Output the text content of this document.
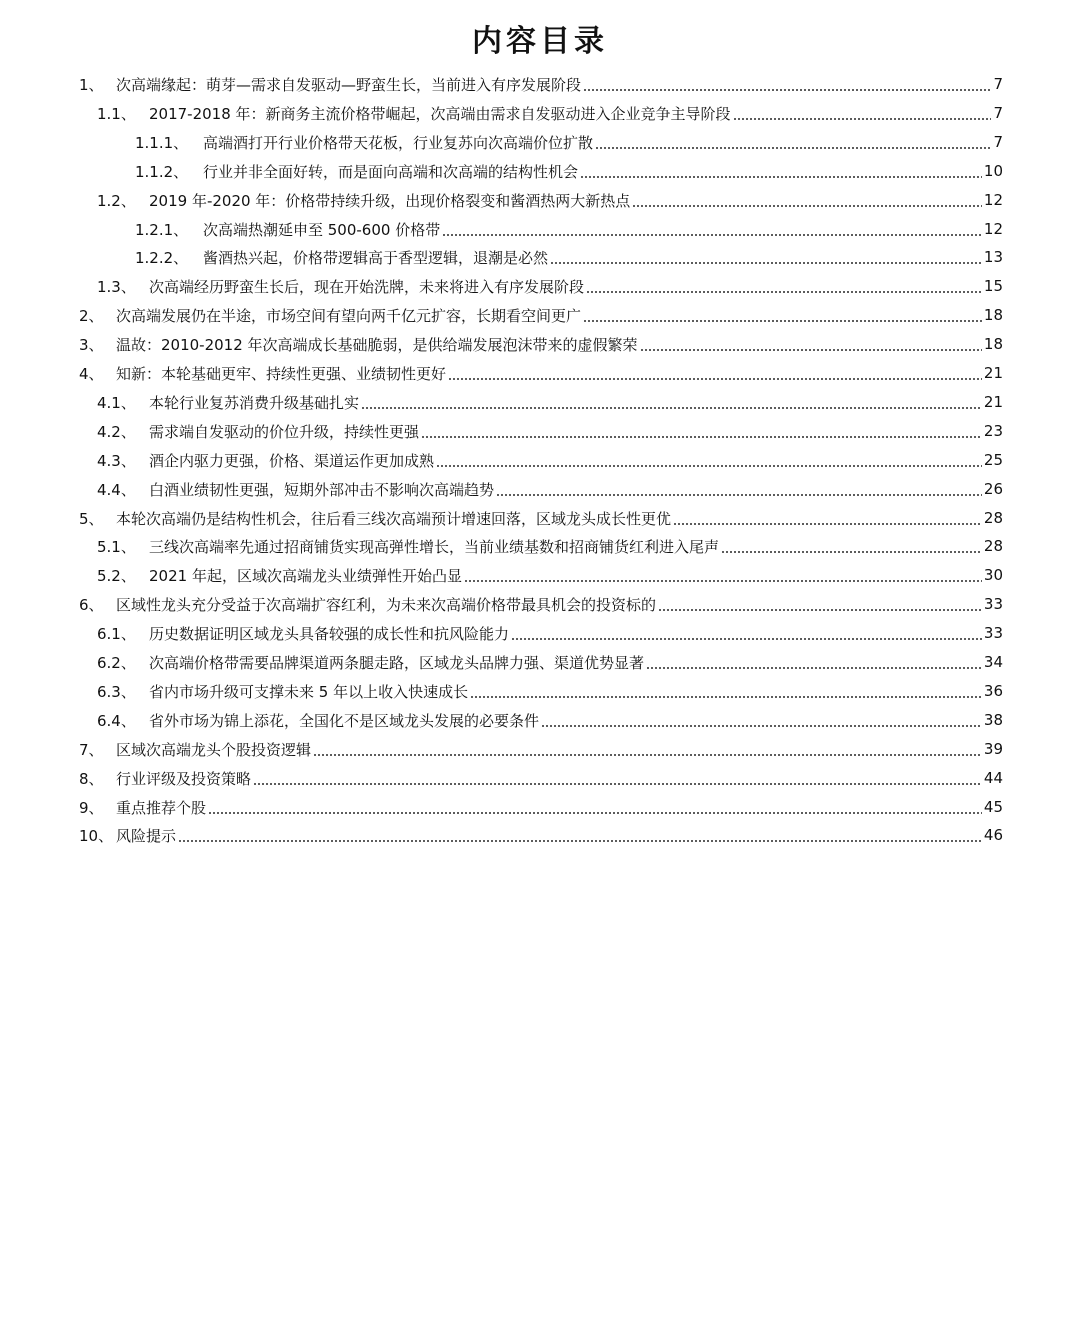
内容目录
1、 次高端缘起：萌芽—需求自发驱动—野蛮生长，当前进入有序发展阶段	7
1.1、 2017-2018 年：新商务主流价格带崛起，次高端由需求自发驱动进入企业竞争主导阶段	7
1.1.1、 高端酒打开行业价格带天花板，行业复苏向次高端价位扩散	7
1.1.2、 行业并非全面好转，而是面向高端和次高端的结构性机会	10
1.2、 2019 年-2020 年：价格带持续升级，出现价格裂变和酱酒热两大新热点	12
1.2.1、 次高端热潮延申至 500-600 价格带	12
1.2.2、 酱酒热兴起，价格带逻辑高于香型逻辑，退潮是必然	13
1.3、 次高端经历野蛮生长后，现在开始洗牌，未来将进入有序发展阶段	15
2、 次高端发展仍在半途，市场空间有望向两千亿元扩容，长期看空间更广	18
3、 温故：2010-2012 年次高端成长基础脆弱，是供给端发展泡沫带来的虚假繁荣	18
4、 知新：本轮基础更牢、持续性更强、业绩韧性更好	21
4.1、 本轮行业复苏消费升级基础扎实	21
4.2、 需求端自发驱动的价位升级，持续性更强	23
4.3、 酒企内驱力更强，价格、渠道运作更加成熟	25
4.4、 白酒业绩韧性更强，短期外部冲击不影响次高端趋势	26
5、 本轮次高端仍是结构性机会，往后看三线次高端预计增速回落，区域龙头成长性更优	28
5.1、 三线次高端率先通过招商铺货实现高弹性增长，当前业绩基数和招商铺货红利进入尾声	28
5.2、 2021 年起，区域次高端龙头业绩弹性开始凸显	30
6、 区域性龙头充分受益于次高端扩容红利，为未来次高端价格带最具机会的投资标的	33
6.1、 历史数据证明区域龙头具备较强的成长性和抗风险能力	33
6.2、 次高端价格带需要品牌渠道两条腿走路，区域龙头品牌力强、渠道优势显著	34
6.3、 省内市场升级可支撑未来 5 年以上收入快速成长	36
6.4、 省外市场为锦上添花，全国化不是区域龙头发展的必要条件	38
7、 区域次高端龙头个股投资逻辑	39
8、 行业评级及投资策略	44
9、 重点推荐个股	45
10、 风险提示	46
